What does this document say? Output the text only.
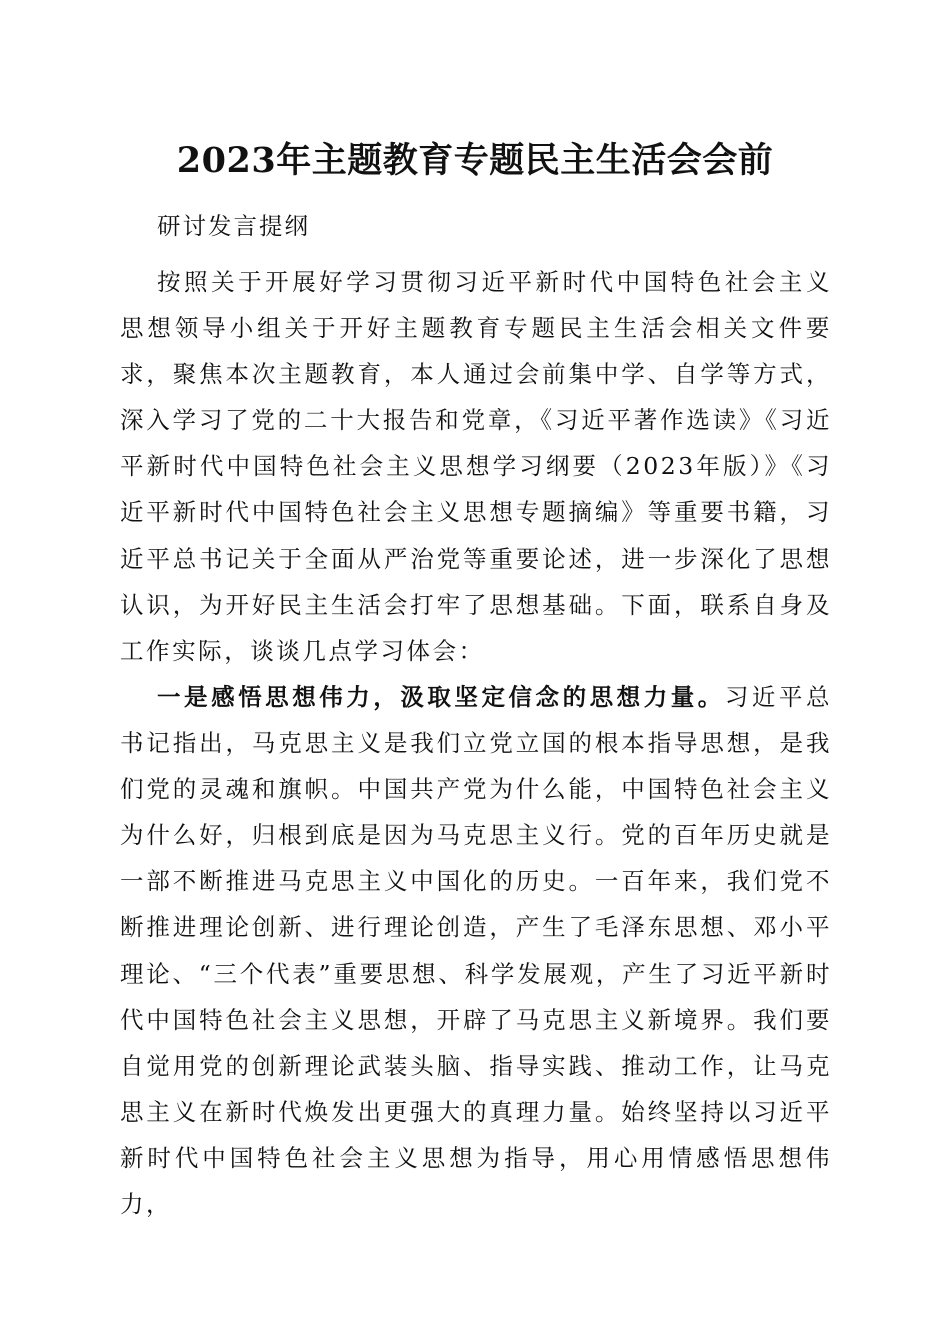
2023年主题教育专题民主生活会会前
研讨发言提纲

按照关于开展好学习贯彻习近平新时代中国特色社会主义思想领导小组关于开好主题教育专题民主生活会相关文件要求，聚焦本次主题教育，本人通过会前集中学、自学等方式，深入学习了党的二十大报告和党章，《习近平著作选读》《习近平新时代中国特色社会主义思想学习纲要（2023年版）》《习近平新时代中国特色社会主义思想专题摘编》等重要书籍，习近平总书记关于全面从严治党等重要论述，进一步深化了思想认识，为开好民主生活会打牢了思想基础。下面，联系自身及工作实际，谈谈几点学习体会：

一是感悟思想伟力，汲取坚定信念的思想力量。习近平总书记指出，马克思主义是我们立党立国的根本指导思想，是我们党的灵魂和旗帜。中国共产党为什么能，中国特色社会主义为什么好，归根到底是因为马克思主义行。党的百年历史就是一部不断推进马克思主义中国化的历史。一百年来，我们党不断推进理论创新、进行理论创造，产生了毛泽东思想、邓小平理论、“三个代表”重要思想、科学发展观，产生了习近平新时代中国特色社会主义思想，开辟了马克思主义新境界。我们要自觉用党的创新理论武装头脑、指导实践、推动工作，让马克思主义在新时代焕发出更强大的真理力量。始终坚持以习近平新时代中国特色社会主义思想为指导，用心用情感悟思想伟力，
